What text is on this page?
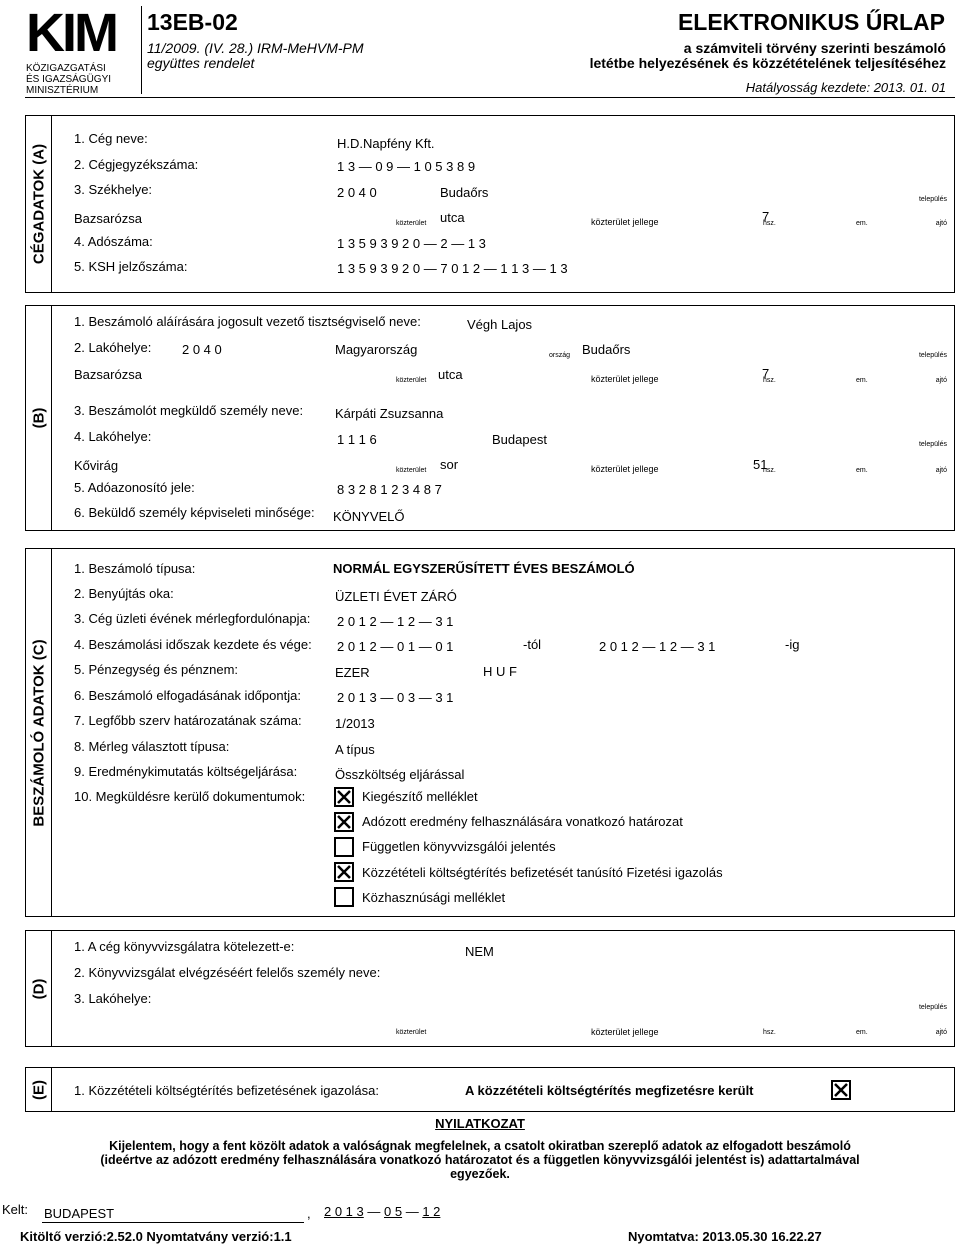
KIM
KÖZIGAZGATÁSI
ÉS IGAZSÁGÜGYI
MINISZTÉRIUM
13EB-02
11/2009. (IV. 28.) IRM-MeHVM-PM
együttes rendelet
ELEKTRONIKUS ŰRLAP
a számviteli törvény szerinti beszámoló
letétbe helyezésének és közzétételének teljesítéséhez
Hatályosság kezdete: 2013. 01. 01
CÉGADATOK (A)
1. Cég neve:	H.D.Napfény Kft.
2. Cégjegyzékszáma:	1 3 — 0 9 — 1 0 5 3 8 9
3. Székhelye:	2 0 4 0	Budaőrs	település
Bazsarózsa	közterület utca	közterület jellege	7
hsz.	em.	ajtó
4. Adószáma:	1 3 5 9 3 9 2 0 — 2 — 1 3
5. KSH jelzőszáma:	1 3 5 9 3 9 2 0 — 7 0 1 2 — 1 1 3 — 1 3
(B)
1. Beszámoló aláírására jogosult vezető tisztségviselő neve:	Végh Lajos
2. Lakóhelye: 2 0 4 0	Magyarország	ország Budaőrs	település
Bazsarózsa	közterület utca	közterület jellege	7
hsz.	em.	ajtó
3. Beszámolót megküldő személy neve: Kárpáti Zsuzsanna
4. Lakóhelye:	1 1 1 6	Budapest	település
Kővirág	közterület sor	közterület jellege	51
hsz.	em.	ajtó
5. Adóazonosító jele:	8 3 2 8 1 2 3 4 8 7
6. Beküldő személy képviseleti minősége: KÖNYVELŐ
BESZÁMOLÓ ADATOK (C)
1. Beszámoló típusa:	NORMÁL EGYSZERŰSÍTETT ÉVES BESZÁMOLÓ
2. Benyújtás oka:	ÜZLETI ÉVET ZÁRÓ
3. Cég üzleti évének mérlegfordulónapja: 2 0 1 2 — 1 2 — 3 1
4. Beszámolási időszak kezdete és vége: 2 0 1 2 — 0 1 — 0 1	-tól	2 0 1 2 — 1 2 — 3 1	-ig
5. Pénzegység és pénznem:	EZER	H U F
6. Beszámoló elfogadásának időpontja:	2 0 1 3 — 0 3 — 3 1
7. Legfőbb szerv határozatának száma:	1/2013
8. Mérleg választott típusa:	A típus
9. Eredménykimutatás költségeljárása:	Összköltség eljárással
10. Megküldésre kerülő dokumentumok:	Kiegészítő melléklet
Adózott eredmény felhasználására vonatkozó határozat
Független könyvvizsgálói jelentés
Közzétételi költségtérítés befizetését tanúsító Fizetési igazolás
Közhasznúsági melléklet
(D)
1. A cég könyvvizsgálatra kötelezett-e:	NEM
2. Könyvvizsgálat elvégzéséért felelős személy neve:
3. Lakóhelye:
település
közterület	közterület jellege	hsz.	em.	ajtó
(E) 1. Közzétételi költségtérítés befizetésének igazolása:	A közzétételi költségtérítés megfizetésre került
NYILATKOZAT
Kijelentem, hogy a fent közölt adatok a valóságnak megfelelnek, a csatolt okiratban szereplő adatok az elfogadott beszámoló
(ideértve az adózott eredmény felhasználására vonatkozó határozatot és a független könyvvizsgálói jelentést is) adattartalmával
egyezőek.
Kelt: BUDAPEST	, 2 0 1 3 — 0 5 — 1 2
Kitöltő verzió:2.52.0 Nyomtatvány verzió:1.1	Nyomtatva: 2013.05.30 16.22.27
